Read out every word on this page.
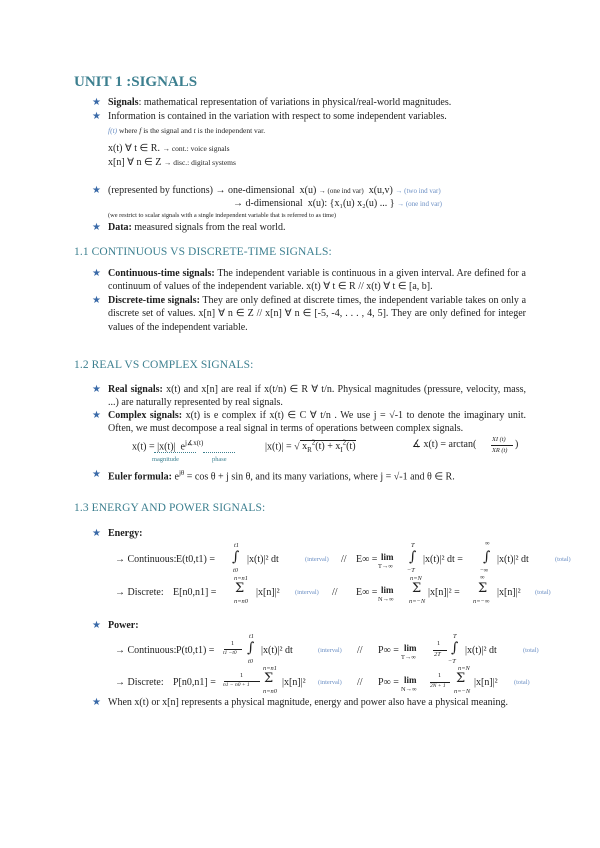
UNIT 1 :SIGNALS
★ Signals: mathematical representation of variations in physical/real-world magnitudes.
★ Information is contained in the variation with respect to some independent variables.
f(t) where f is the signal and t is the independent var.
x(t) ∀ t ∈ R. → cont.: voice signals
x[n] ∀ n ∈ Z → disc.: digital systems
★ (represented by functions) → one-dimensional x(u) → (one ind var) x(u,v) → (two ind var)
→ d-dimensional x(u): {x₁(u) x₂(u) ... } → (one ind var)
(we restrict to scalar signals with a single independent variable that is referred to as time)
★ Data: measured signals from the real world.
1.1 CONTINUOUS VS DISCRETE-TIME SIGNALS:
★ Continuous-time signals: The independent variable is continuous in a given interval. Are defined for a continuum of values of the independent variable. x(t) ∀ t ∈ R // x(t) ∀ t ∈ [a, b].
★ Discrete-time signals: They are only defined at discrete times, the independent variable takes on only a discrete set of values. x[n] ∀ n ∈ Z // x[n] ∀ n ∈ [-5, -4, . . . , 4, 5]. They are only defined for integer values of the independent variable.
1.2 REAL VS COMPLEX SIGNALS:
★ Real signals: x(t) and x[n] are real if x(t/n) ∈ R ∀ t/n. Physical magnitudes (pressure, velocity, mass, ...) are naturally represented by real signals.
★ Complex signals: x(t) is e complex if x(t) ∈ C ∀ t/n . We use j = √-1 to denote the imaginary unit. Often, we must decompose a real signal in terms of operations between complex signals.
x(t) = |x(t)| $e^{j∡x(t)}$
magnitude	phase
|x(t)| = √ $x_R^2(t) + x_I^2(t)$	∡ x(t) = arctan( XI (t)
XR (t)
)
★ Euler formula: $e^{j\theta} = \cos \theta + j$ sin θ, and its many variations, where j = √-1 and θ ∈ R.
1.3 ENERGY AND POWER SIGNALS:
★ Energy:
→ Continuous: E(t0,t1) =
t1
∫
t0
|x(t)|² dt	(interval) // E∞ = lim
T→∞
T
∫
−T
|x(t)|² dt =
∞
∫
−∞
|x(t)|² dt	(total)
→ Discrete: E[n0,n1] =
n=n1
Σ
n=n0
|x[n]|² (interval) // E∞ = lim
N→∞
n=N
Σ
n=−N
|x[n]|² =
∞
Σ
n=−∞
|x[n]|² (total)
★ Power:
→ Continuous: P(t0,t1) =
1
t1 −t0
t1
∫
t0
|x(t)|² dt	(interval) // P∞ = lim
T→∞
1
2T
T
∫
−T
|x(t)|² dt	(total)
→ Discrete: P[n0,n1] =
1
n1 − n0 + 1
n=n1
Σ
n=n0
|x[n]|² (interval) // P∞ = lim
N→∞
1
2N + 1
n=N
Σ
n=−N
|x[n]|²	(total)
★ When x(t) or x[n] represents a physical magnitude, energy and power also have a physical meaning.
